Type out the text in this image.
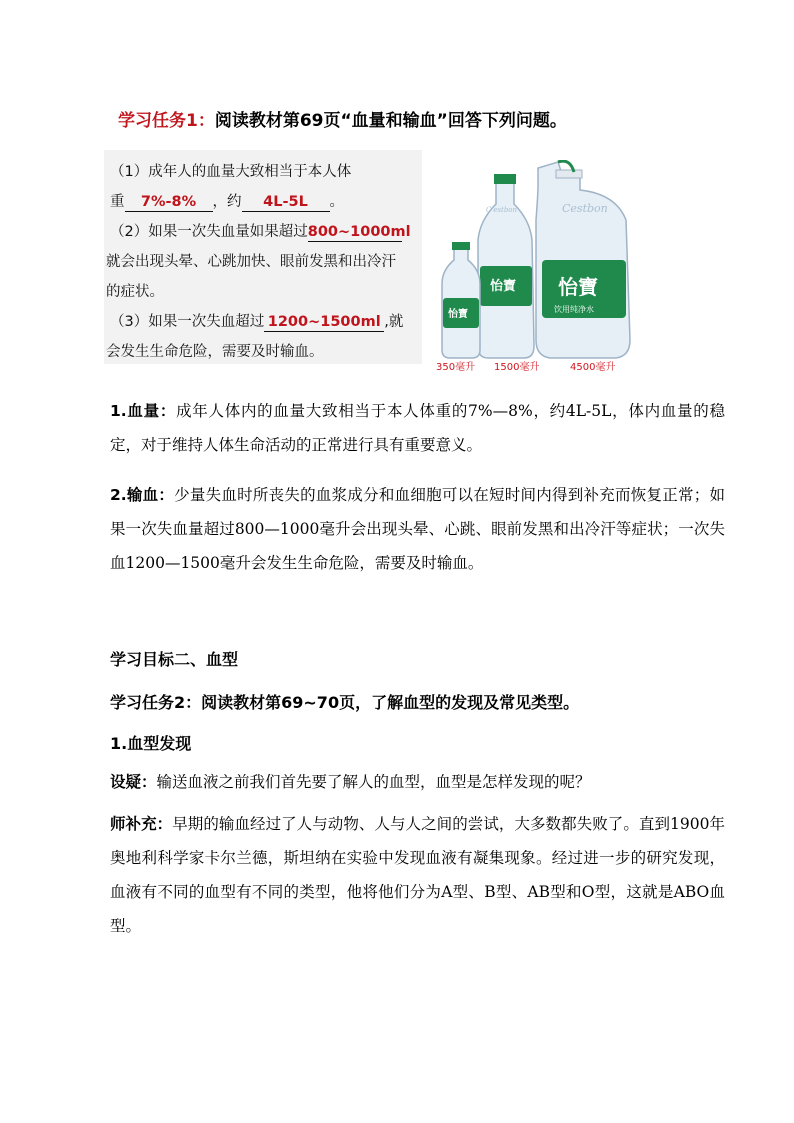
学习任务1：阅读教材第69页“血量和输血”回答下列问题。
（1）成年人的血量大致相当于本人体
重 7%-8% ，约 4L-5L 。
（2）如果一次失血量如果超过800~1000ml
就会出现头晕、心跳加快、眼前发黑和出冷汗
的症状。
（3）如果一次失血超过 1200~1500ml ,就
会发生生命危险，需要及时输血。
Cestbon
怡寶
饮用纯净水
C'estbon
怡寶
怡寶
350毫升 1500毫升	4500毫升
1.血量：成年人体内的血量大致相当于本人体重的7%—8%，约4L-5L，体内血量的稳定，对于维持人体生命活动的正常进行具有重要意义。
2.输血：少量失血时所丧失的血浆成分和血细胞可以在短时间内得到补充而恢复正常；如果一次失血量超过800—1000毫升会出现头晕、心跳、眼前发黑和出冷汗等症状；一次失血1200—1500毫升会发生生命危险，需要及时输血。
学习目标二、血型
学习任务2：阅读教材第69~70页，了解血型的发现及常见类型。
1.血型发现
设疑：输送血液之前我们首先要了解人的血型，血型是怎样发现的呢？
师补充：早期的输血经过了人与动物、人与人之间的尝试，大多数都失败了。直到1900年奥地利科学家卡尔兰德，斯坦纳在实验中发现血液有凝集现象。经过进一步的研究发现，血液有不同的血型有不同的类型，他将他们分为A型、B型、AB型和O型，这就是ABO血型。
